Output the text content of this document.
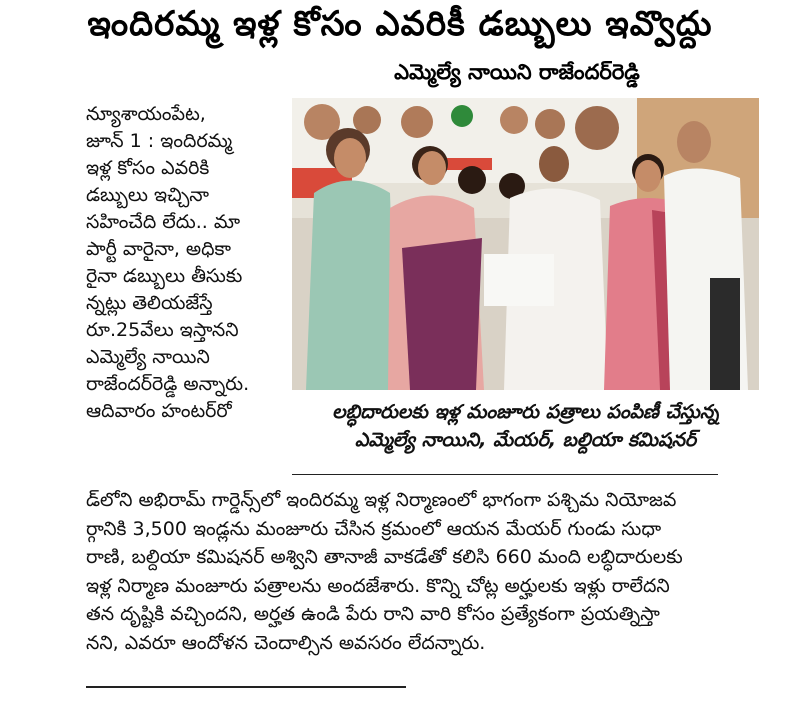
ఇందిరమ్మ ఇళ్ల కోసం ఎవరికీ డబ్బులు ఇవ్వొద్దు
ఎమ్మెల్యే నాయిని రాజేందర్‌రెడ్డి
న్యూశాయంపేట,
జూన్ 1 : ఇందిరమ్మ
ఇళ్ల కోసం ఎవరికి
డబ్బులు ఇచ్చినా
సహించేది లేదు.. మా
పార్టీ వారైనా, అధికా
రైనా డబ్బులు తీసుకు
న్నట్లు తెలియజేస్తే
రూ.25వేలు ఇస్తానని
ఎమ్మెల్యే నాయిని
రాజేందర్‌రెడ్డి అన్నారు.
ఆదివారం హంటర్‌రో	లబ్ధిదారులకు ఇళ్ల మంజూరు పత్రాలు పంపిణీ చేస్తున్న
ఎమ్మెల్యే నాయిని, మేయర్, బల్దియా కమిషనర్
డ్‌లోని అభిరామ్ గార్డెన్స్‌లో ఇందిరమ్మ ఇళ్ల నిర్మాణంలో భాగంగా పశ్చిమ నియోజవ
ర్గానికి 3,500 ఇండ్లను మంజూరు చేసిన క్రమంలో ఆయన మేయర్ గుండు సుధా
రాణి, బల్దియా కమిషనర్ అశ్విని తానాజీ వాకడేతో కలిసి 660 మంది లబ్ధిదారులకు
ఇళ్ల నిర్మాణ మంజూరు పత్రాలను అందజేశారు. కొన్ని చోట్ల అర్హులకు ఇళ్లు రాలేదని
తన దృష్టికి వచ్చిందని, అర్హత ఉండి పేరు రాని వారి కోసం ప్రత్యేకంగా ప్రయత్నిస్తా
నని, ఎవరూ ఆందోళన చెందాల్సిన అవసరం లేదన్నారు.
